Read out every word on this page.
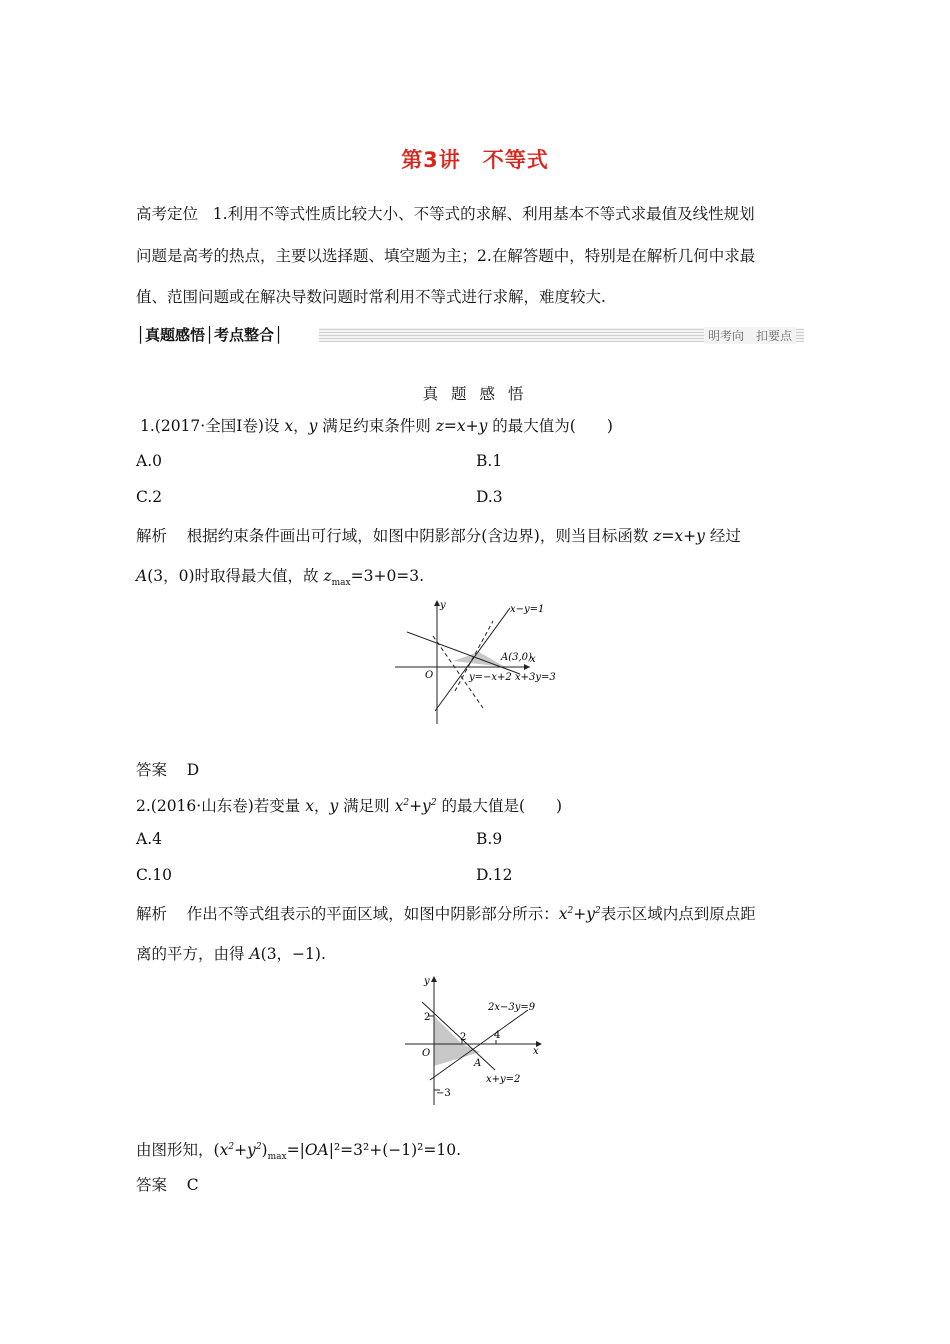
第3讲　不等式
高考定位 1.利用不等式性质比较大小、不等式的求解、利用基本不等式求最值及线性规划
问题是高考的热点，主要以选择题、填空题为主；2.在解答题中，特别是在解析几何中求最
值、范围问题或在解决导数问题时常利用不等式进行求解，难度较大.
│真题感悟│考点整合│	明考向　扣要点
真 题 感 悟
1.(2017·全国Ⅰ卷)设 x，y 满足约束条件则 z=x+y 的最大值为(　　)
A.0	B.1
C.2	D.3
解析 根据约束条件画出可行域，如图中阴影部分(含边界)，则当目标函数 z=x+y 经过
A(3，0)时取得最大值，故 $z_{max}=3+0=3$.
y
x
O
A(3,0)
x−y=1
y=−x+2 x+3y=3
答案 D
2.(2016·山东卷)若变量 x，y 满足则 $x^2+y^2$ 的最大值是(　　)
A.4	B.9
C.10	D.12
解析 作出不等式组表示的平面区域，如图中阴影部分所示：$x^2+y^2$表示区域内点到原点距
离的平方，由得 A(3，−1).
y
x
O
A
2
2	4
−3
2x−3y=9
x+y=2
由图形知，$(x^2+y^2)_{max}=|OA|^2=3^2+(-1)^2=10$.
答案 C
